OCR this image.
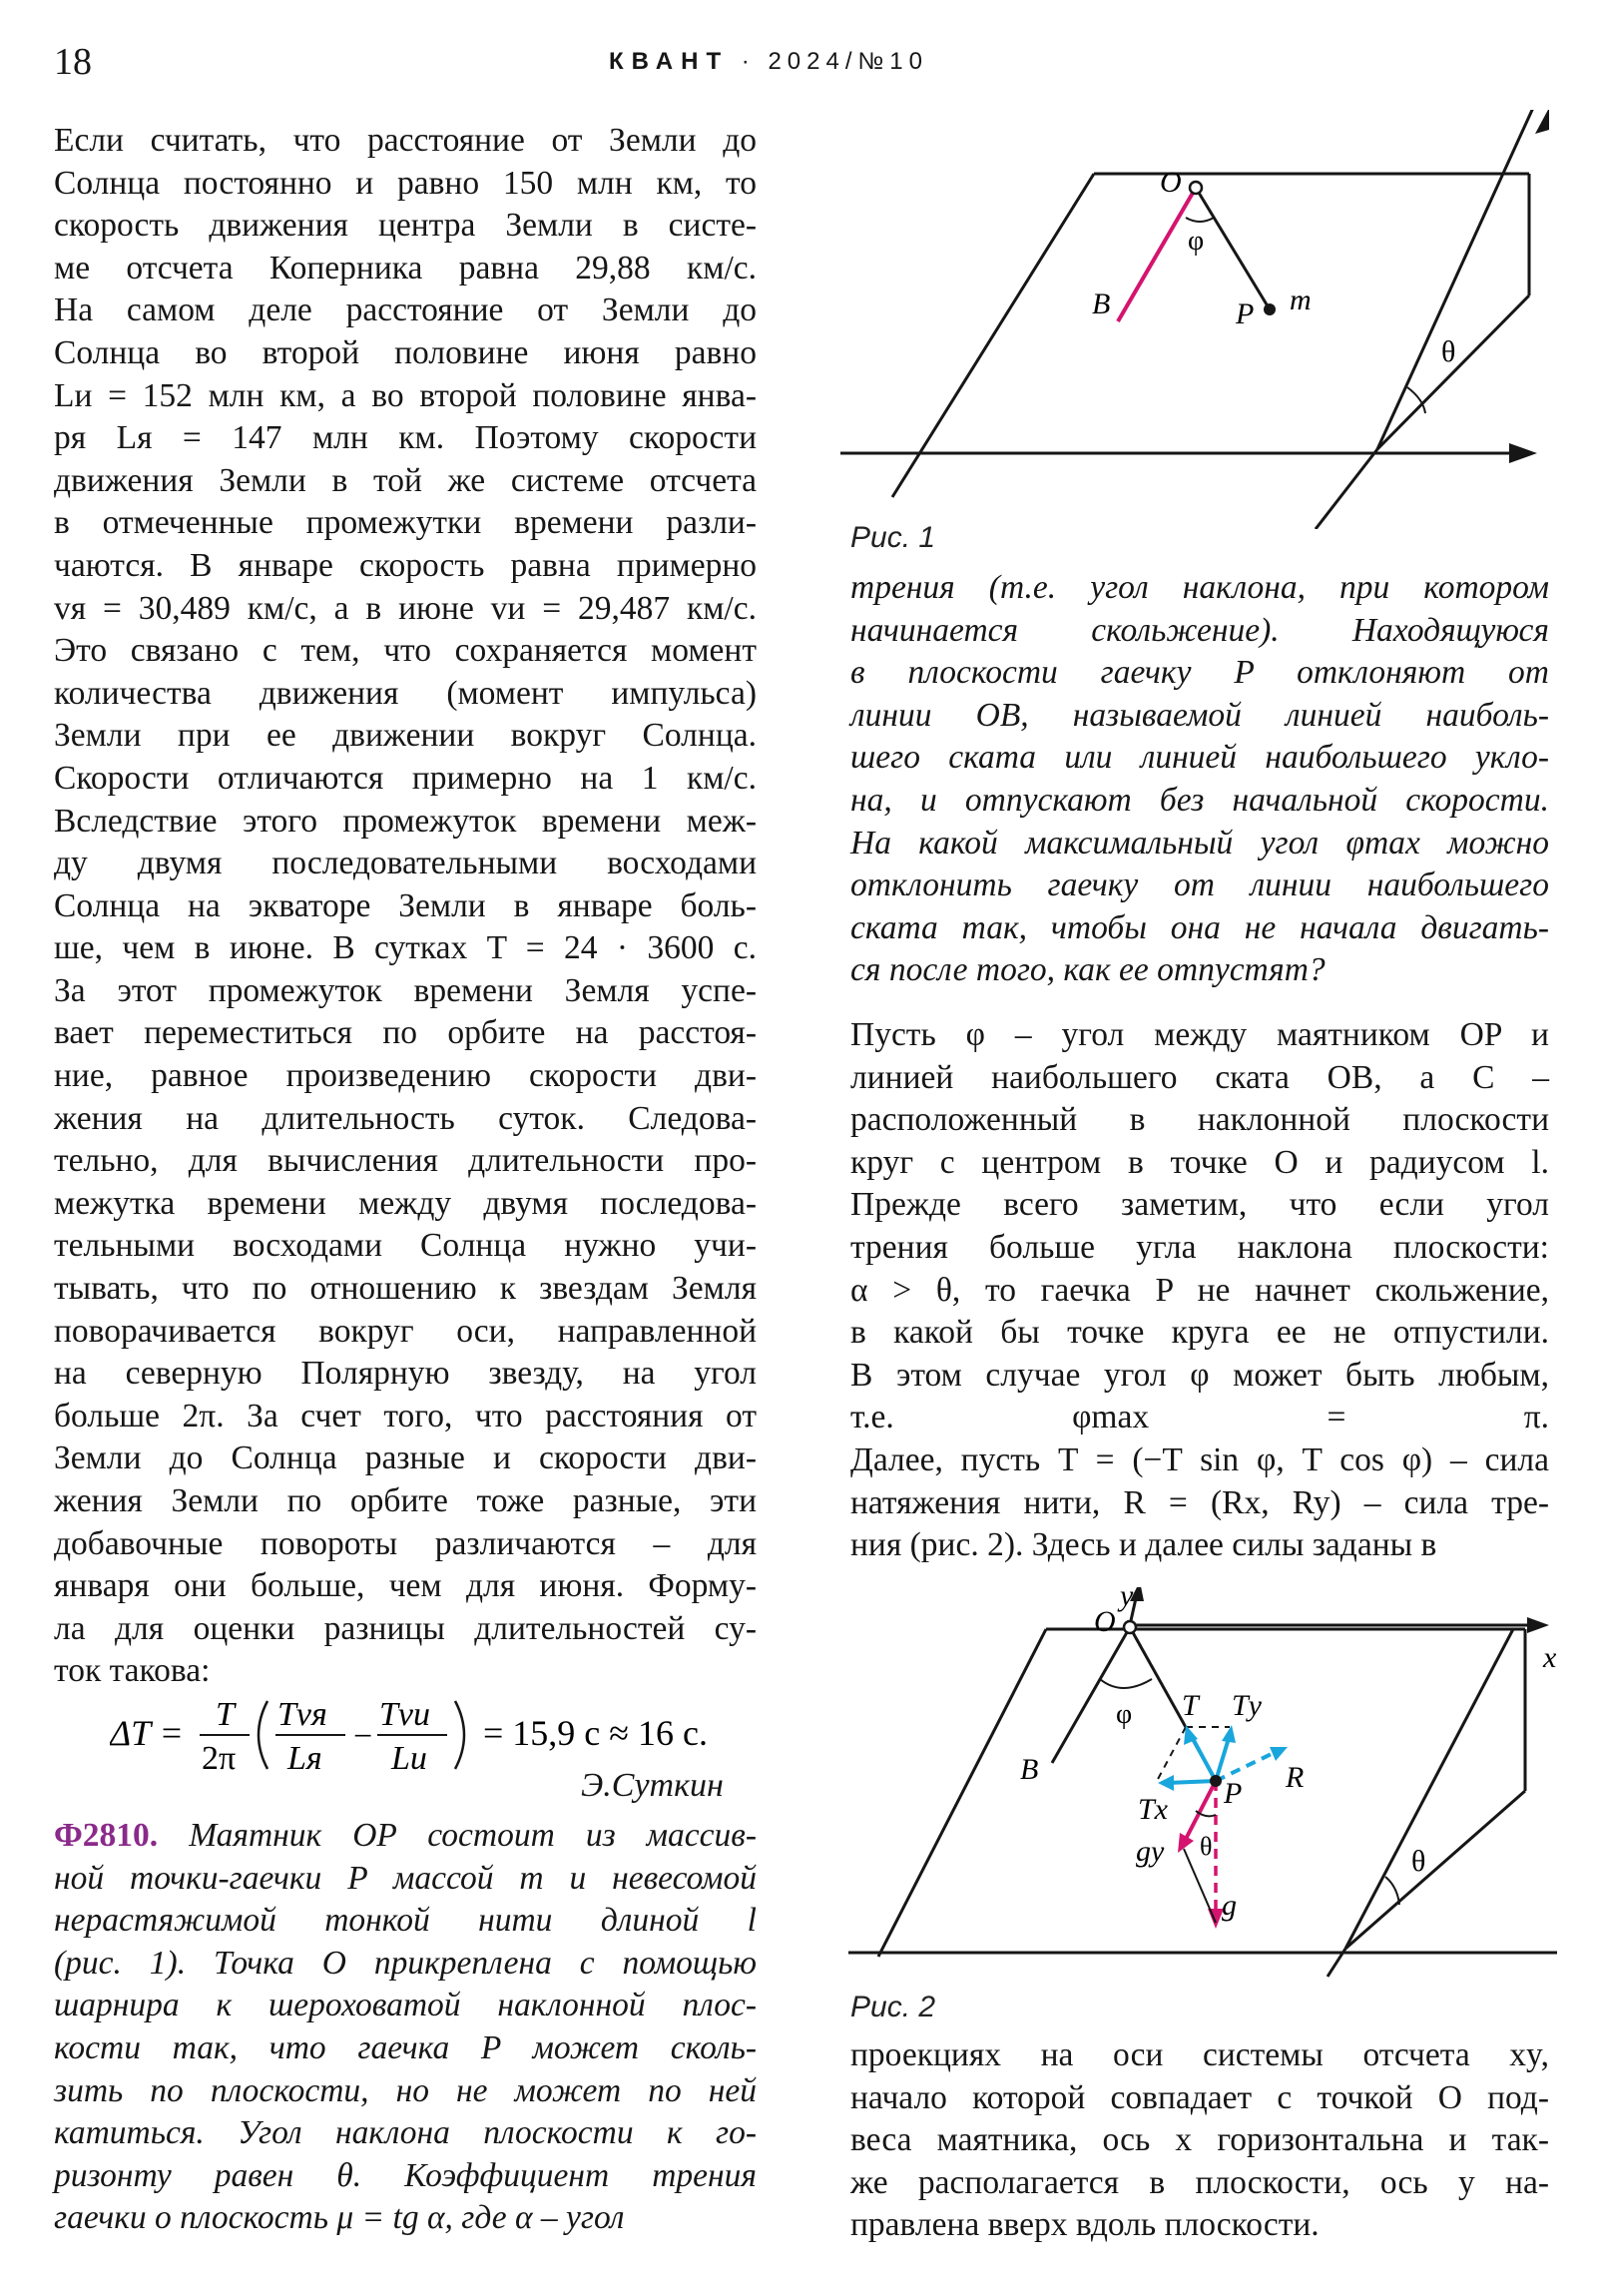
18	КВАНТ · 2024/№10
Если считать, что расстояние от Земли до
Солнца постоянно и равно 150 млн км, то
скорость движения центра Земли в систе-
ме отсчета Коперника равна 29,88 км/с.
На самом деле расстояние от Земли до
Солнца во второй половине июня равно
Lи = 152 млн км, а во второй половине янва-
ря Lя = 147 млн км. Поэтому скорости
движения Земли в той же системе отсчета
в отмеченные промежутки времени разли-
чаются. В январе скорость равна примерно
vя = 30,489 км/с, а в июне vи = 29,487 км/с.
Это связано с тем, что сохраняется момент
количества движения (момент импульса)
Земли при ее движении вокруг Солнца.
Скорости отличаются примерно на 1 км/с.
Вследствие этого промежуток времени меж-
ду двумя последовательными восходами
Солнца на экваторе Земли в январе боль-
ше, чем в июне. В сутках T = 24 · 3600 с.
За этот промежуток времени Земля успе-
вает переместиться по орбите на расстоя-
ние, равное произведению скорости дви-
жения на длительность суток. Следова-
тельно, для вычисления длительности про-
межутка времени между двумя последова-
тельными восходами Солнца нужно учи-
тывать, что по отношению к звездам Земля
поворачивается вокруг оси, направленной
на северную Полярную звезду, на угол
больше 2π. За счет того, что расстояния от
Земли до Солнца разные и скорости дви-
жения Земли по орбите тоже разные, эти
добавочные повороты различаются – для
января они больше, чем для июня. Форму-
ла для оценки разницы длительностей су-
ток такова:
ΔT = T
2π
Tvя
Lя
−
Tvи
Lи
= 15,9 с ≈ 16 с.
Э.Суткин
Ф2810. Маятник OP состоит из массив-
ной точки-гаечки P массой m и невесомой
нерастяжимой тонкой нити длиной l
(рис. 1). Точка O прикреплена с помощью
шарнира к шероховатой наклонной плос-
кости так, что гаечка P может сколь-
зить по плоскости, но не может по ней
катиться. Угол наклона плоскости к го-
ризонту равен θ. Коэффициент трения
гаечки о плоскость μ = tg α, где α – угол
θ
O
φ
B	P m
Рис. 1
трения (т.е. угол наклона, при котором
начинается скольжение). Находящуюся
в плоскости гаечку P отклоняют от
линии OB, называемой линией наиболь-
шего ската или линией наибольшего укло-
на, и отпускают без начальной скорости.
На какой максимальный угол φmax можно
отклонить гаечку от линии наибольшего
ската так, чтобы она не начала двигать-
ся после того, как ее отпустят?
Пусть φ – угол между маятником OP и
линией наибольшего ската OB, а C –
расположенный в наклонной плоскости
круг с центром в точке O и радиусом l.
Прежде всего заметим, что если угол
трения больше угла наклона плоскости:
α > θ, то гаечка P не начнет скольжение,
в какой бы точке круга ее не отпустили.
В этом случае угол φ может быть любым,
т.е. φmax = π.
Далее, пусть T = (−T sin φ, T cos φ) – сила
натяжения нити, R = (Rx, Ry) – сила тре-
ния (рис. 2). Здесь и далее силы заданы в
x
y
θ
O
φ
B
T Tу
R
Tx P
gу θ
g
Рис. 2
проекциях на оси системы отсчета xy,
начало которой совпадает с точкой O под-
веса маятника, ось x горизонтальна и так-
же располагается в плоскости, ось y на-
правлена вверх вдоль плоскости.
